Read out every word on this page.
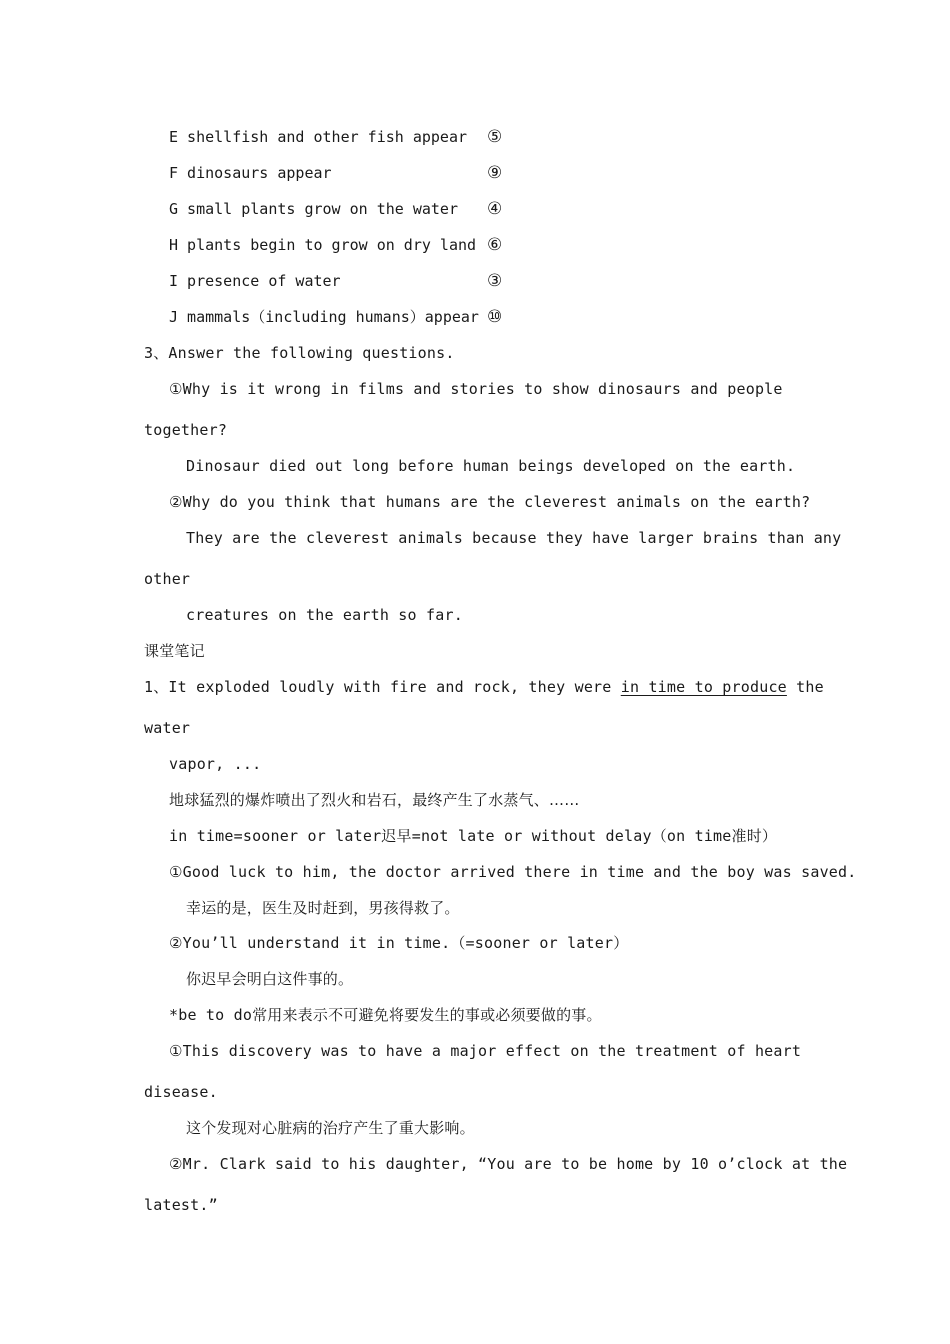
E shellfish and other fish appear ⑤
F dinosaurs appear	⑨
G small plants grow on the water ④
H plants begin to grow on dry land ⑥
I presence of water	③
J mammals（including humans）appear ⑩
3、Answer the following questions.
①Why is it wrong in films and stories to show dinosaurs and people
together?
Dinosaur died out long before human beings developed on the earth.
②Why do you think that humans are the cleverest animals on the earth?
They are the cleverest animals because they have larger brains than any
other
creatures on the earth so far.
课堂笔记
1、It exploded loudly with fire and rock, they were in time to produce the
water
vapor, ...
地球猛烈的爆炸喷出了烈火和岩石，最终产生了水蒸气、……
in time=sooner or later迟早=not late or without delay（on time准时）
①Good luck to him, the doctor arrived there in time and the boy was saved.
幸运的是，医生及时赶到，男孩得救了。
②You’ll understand it in time.（=sooner or later）
你迟早会明白这件事的。
*be to do常用来表示不可避免将要发生的事或必须要做的事。
①This discovery was to have a major effect on the treatment of heart
disease.
这个发现对心脏病的治疗产生了重大影响。
②Mr. Clark said to his daughter, “You are to be home by 10 o’clock at the
latest.”
